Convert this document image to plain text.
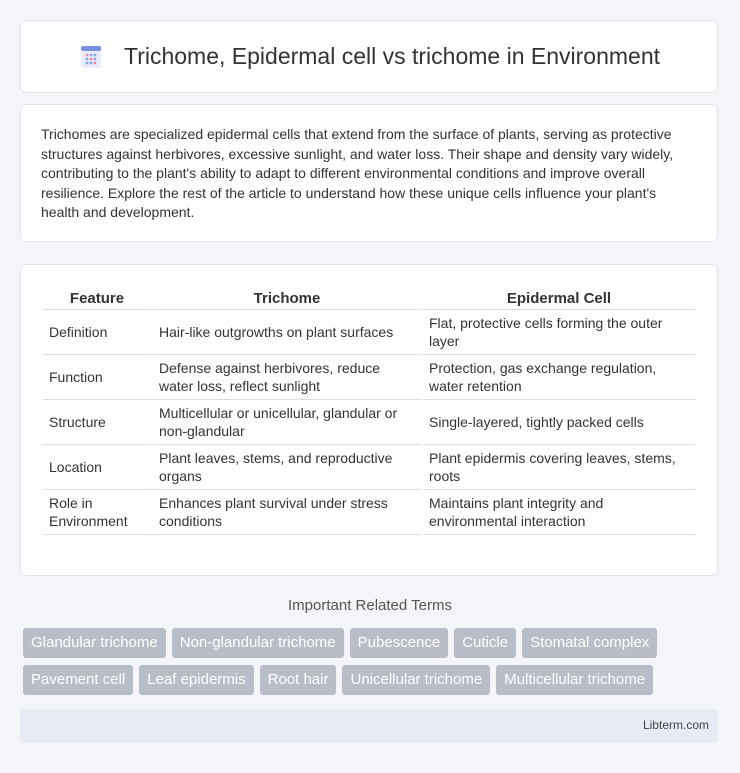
Trichome, Epidermal cell vs trichome in Environment

Trichomes are specialized epidermal cells that extend from the surface of plants, serving as protective structures against herbivores, excessive sunlight, and water loss. Their shape and density vary widely, contributing to the plant's ability to adapt to different environmental conditions and improve overall resilience. Explore the rest of the article to understand how these unique cells influence your plant's health and development.

Feature	Trichome	Epidermal Cell
Definition	Hair-like outgrowths on plant surfaces	Flat, protective cells forming the outer layer
Function	Defense against herbivores, reduce water loss, reflect sunlight	Protection, gas exchange regulation, water retention
Structure	Multicellular or unicellular, glandular or non-glandular	Single-layered, tightly packed cells
Location	Plant leaves, stems, and reproductive organs	Plant epidermis covering leaves, stems, roots
Role in Environment	Enhances plant survival under stress conditions	Maintains plant integrity and environmental interaction
Important Related Terms
Glandular trichome	Non-glandular trichome	Pubescence	Cuticle	Stomatal complex
Pavement cell	Leaf epidermis	Root hair	Unicellular trichome	Multicellular trichome
Libterm.com
